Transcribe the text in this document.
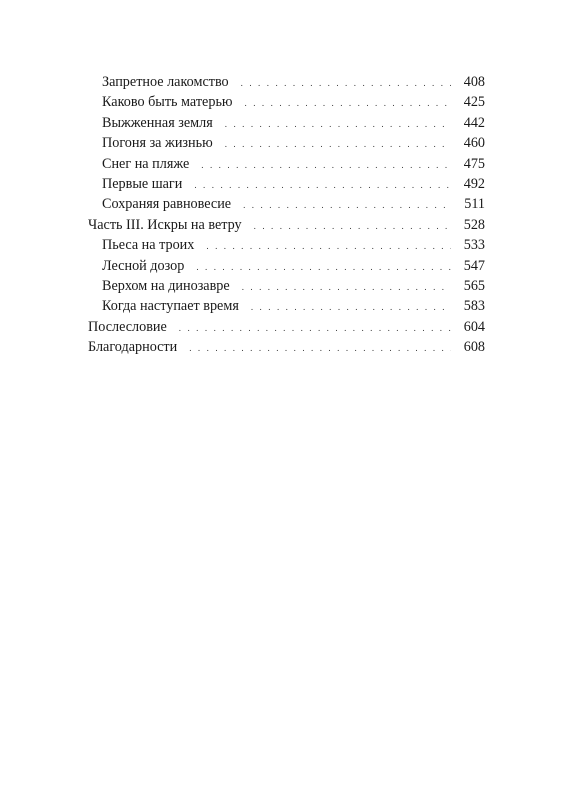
Запретное лакомство . . .	408
Каково быть матерью . . .	425
Выжженная земля . . .	442
Погоня за жизнью . . .	460
Снег на пляже . . .	475
Первые шаги . . .	492
Сохраняя равновесие . . .	511
Часть III. Искры на ветру . . .	528
Пьеса на троих . . .	533
Лесной дозор . . .	547
Верхом на динозавре . . .	565
Когда наступает время . . .	583
Послесловие . . .	604
Благодарности . . .	608
